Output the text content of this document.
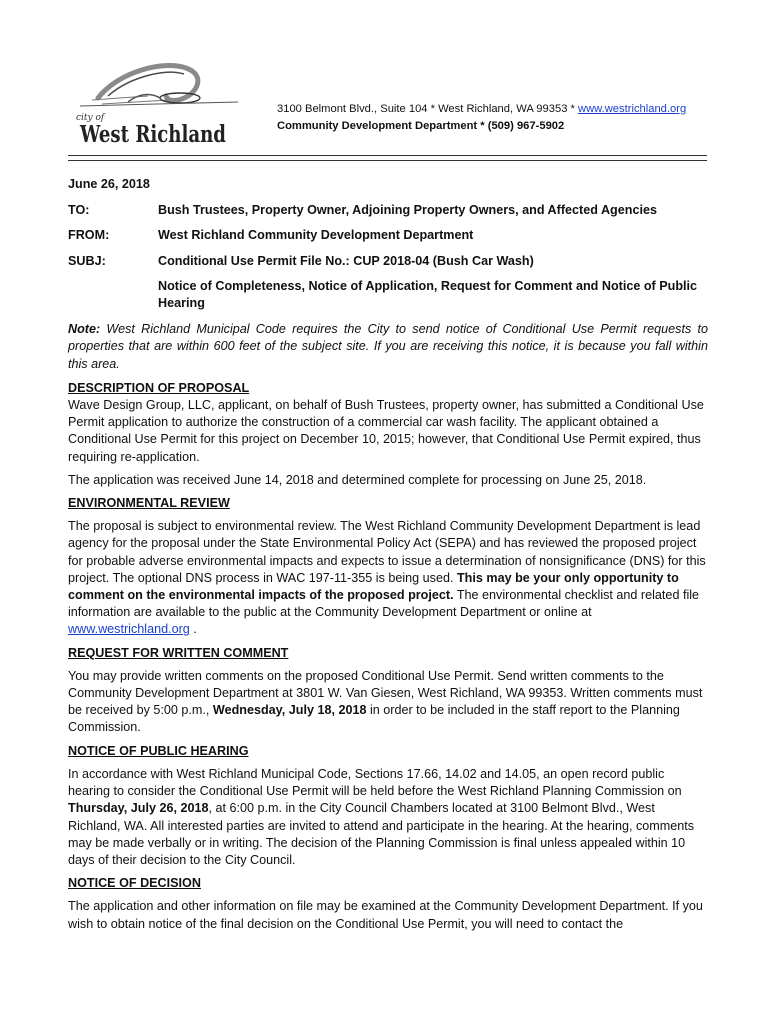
city of
West Richland
3100 Belmont Blvd., Suite 104 * West Richland, WA 99353 * www.westrichland.org
Community Development Department * (509) 967-5902
June 26, 2018
TO:	Bush Trustees, Property Owner, Adjoining Property Owners, and Affected Agencies
FROM:	West Richland Community Development Department
SUBJ:	Conditional Use Permit File No.: CUP 2018-04 (Bush Car Wash)
Notice of Completeness, Notice of Application, Request for Comment and Notice of Public Hearing
Note: West Richland Municipal Code requires the City to send notice of Conditional Use Permit requests to properties that are within 600 feet of the subject site. If you are receiving this notice, it is because you fall within this area.
DESCRIPTION OF PROPOSAL
Wave Design Group, LLC, applicant, on behalf of Bush Trustees, property owner, has submitted a Conditional Use Permit application to authorize the construction of a commercial car wash facility. The applicant obtained a Conditional Use Permit for this project on December 10, 2015; however, that Conditional Use Permit expired, thus requiring re-application.
The application was received June 14, 2018 and determined complete for processing on June 25, 2018.
ENVIRONMENTAL REVIEW
The proposal is subject to environmental review. The West Richland Community Development Department is lead agency for the proposal under the State Environmental Policy Act (SEPA) and has reviewed the proposed project for probable adverse environmental impacts and expects to issue a determination of nonsignificance (DNS) for this project. The optional DNS process in WAC 197-11-355 is being used. This may be your only opportunity to comment on the environmental impacts of the proposed project. The environmental checklist and related file information are available to the public at the Community Development Department or online at www.westrichland.org .
REQUEST FOR WRITTEN COMMENT
You may provide written comments on the proposed Conditional Use Permit. Send written comments to the Community Development Department at 3801 W. Van Giesen, West Richland, WA 99353. Written comments must be received by 5:00 p.m., Wednesday, July 18, 2018 in order to be included in the staff report to the Planning Commission.
NOTICE OF PUBLIC HEARING
In accordance with West Richland Municipal Code, Sections 17.66, 14.02 and 14.05, an open record public hearing to consider the Conditional Use Permit will be held before the West Richland Planning Commission on Thursday, July 26, 2018, at 6:00 p.m. in the City Council Chambers located at 3100 Belmont Blvd., West Richland, WA. All interested parties are invited to attend and participate in the hearing. At the hearing, comments may be made verbally or in writing. The decision of the Planning Commission is final unless appealed within 10 days of their decision to the City Council.
NOTICE OF DECISION
The application and other information on file may be examined at the Community Development Department. If you wish to obtain notice of the final decision on the Conditional Use Permit, you will need to contact the
